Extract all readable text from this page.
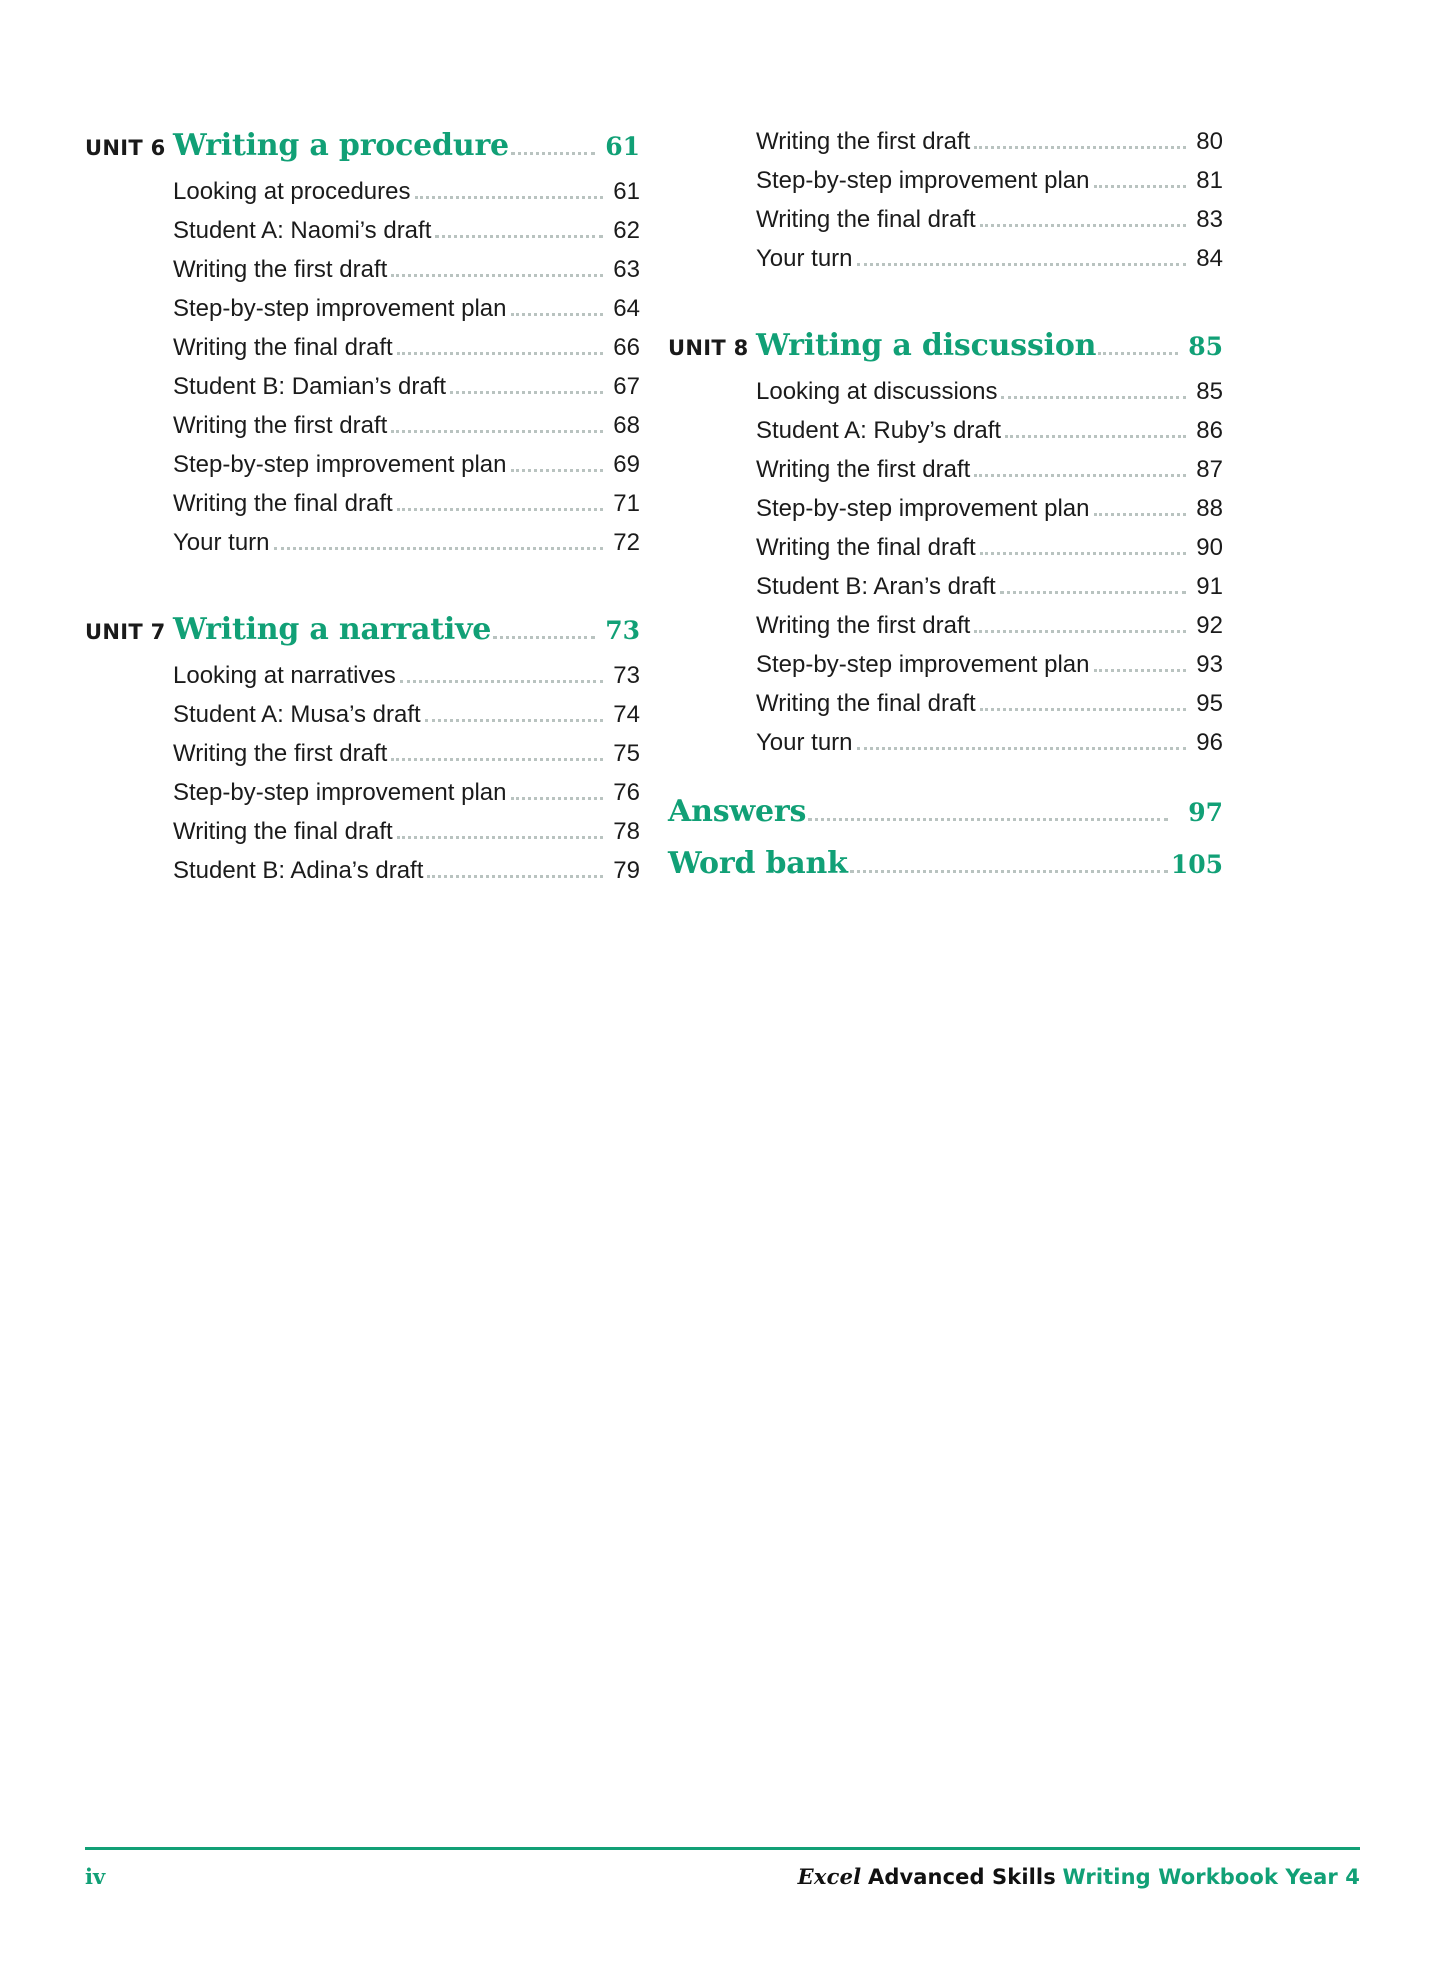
UNIT 6 Writing a procedure	61
Looking at procedures	61
Student A: Naomi’s draft	62
Writing the first draft	63
Step-by-step improvement plan	64
Writing the final draft	66
Student B: Damian’s draft	67
Writing the first draft	68
Step-by-step improvement plan	69
Writing the final draft	71
Your turn	72
UNIT 7 Writing a narrative	73
Looking at narratives	73
Student A: Musa’s draft	74
Writing the first draft	75
Step-by-step improvement plan	76
Writing the final draft	78
Student B: Adina’s draft	79
Writing the first draft	80
Step-by-step improvement plan	81
Writing the final draft	83
Your turn	84
UNIT 8 Writing a discussion	85
Looking at discussions	85
Student A: Ruby’s draft	86
Writing the first draft	87
Step-by-step improvement plan	88
Writing the final draft	90
Student B: Aran’s draft	91
Writing the first draft	92
Step-by-step improvement plan	93
Writing the final draft	95
Your turn	96
Answers	97
Word bank	105
iv	Excel Advanced Skills Writing Workbook Year 4
